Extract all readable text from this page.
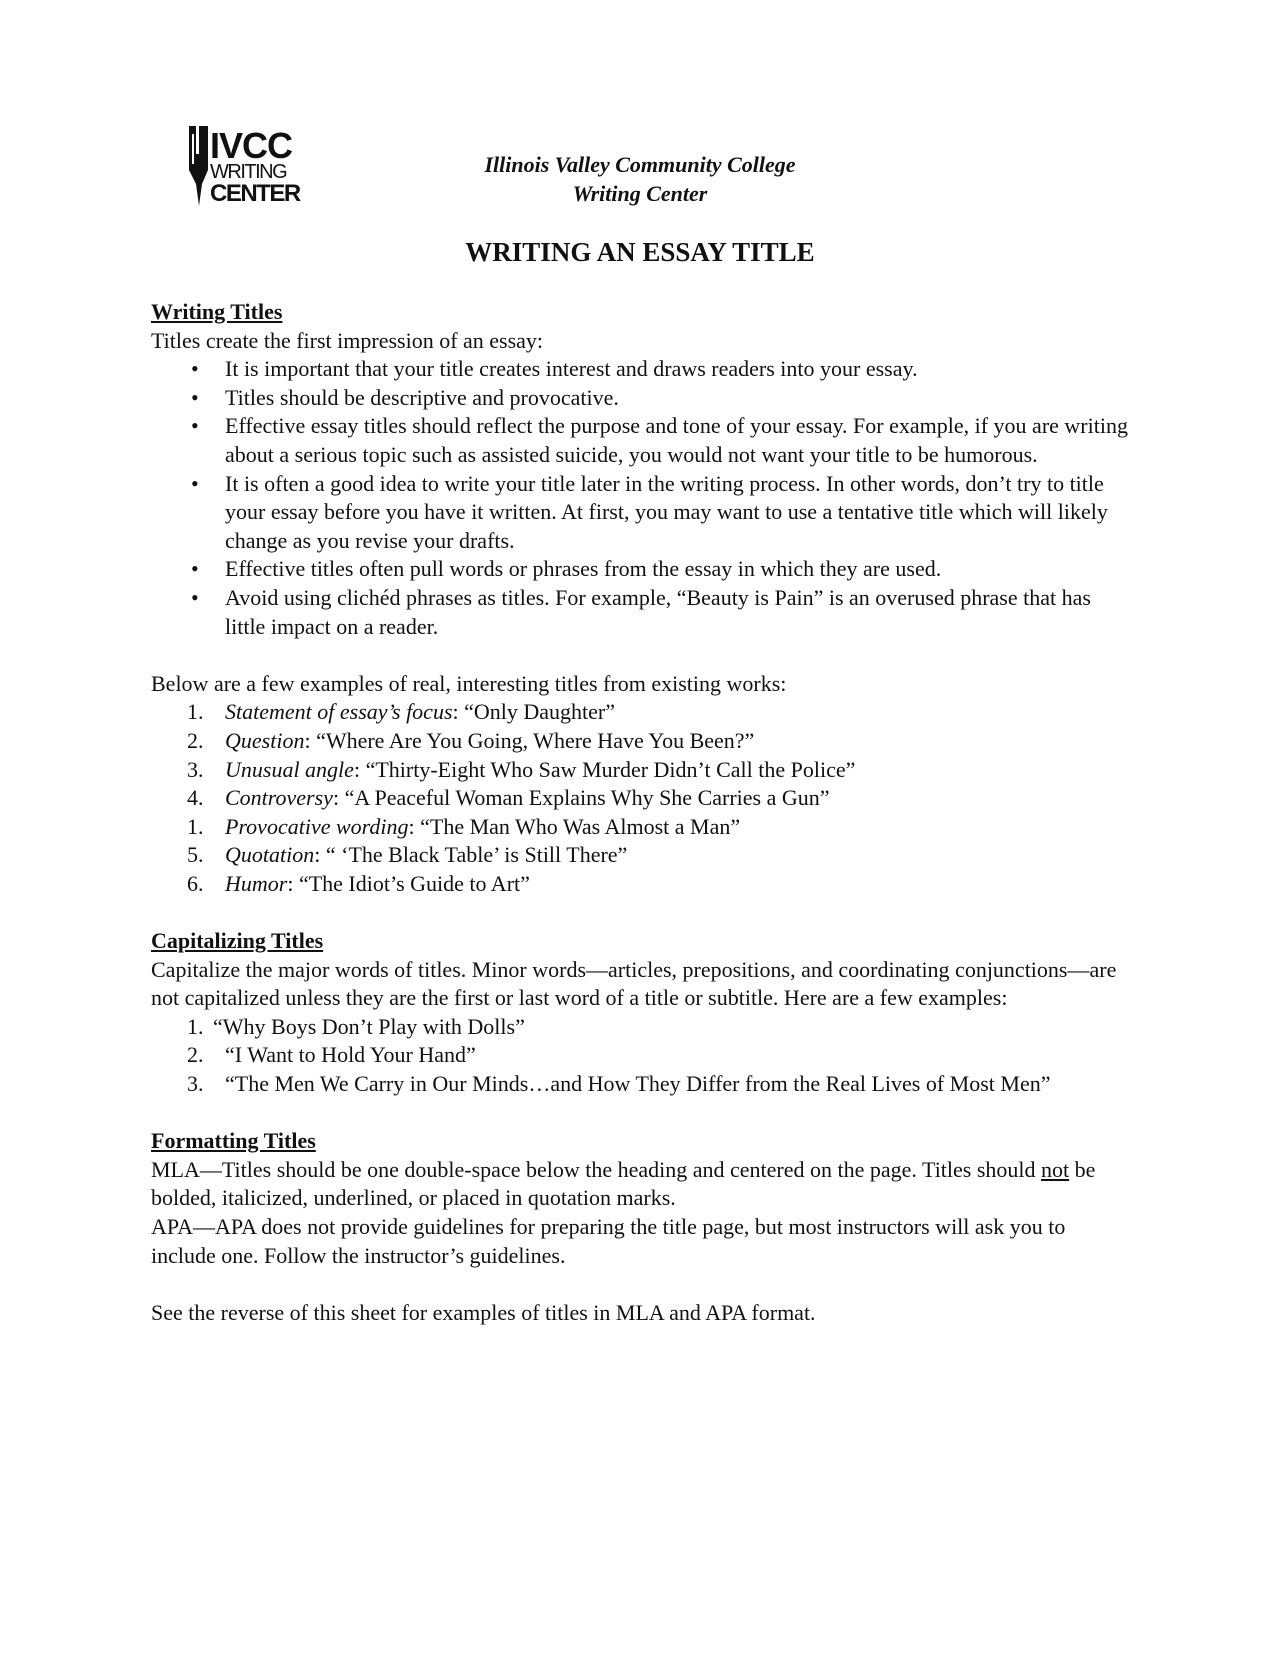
IVCC
WRITING
CENTER
Illinois Valley Community College
Writing Center
WRITING AN ESSAY TITLE

Writing Titles

Titles create the first impression of an essay:

• It is important that your title creates interest and draws readers into your essay.
• Titles should be descriptive and provocative.
• Effective essay titles should reflect the purpose and tone of your essay. For example, if you are writing about a serious topic such as assisted suicide, you would not want your title to be humorous.
• It is often a good idea to write your title later in the writing process. In other words, don’t try to title your essay before you have it written. At first, you may want to use a tentative title which will likely change as you revise your drafts.
• Effective titles often pull words or phrases from the essay in which they are used.
• Avoid using clichéd phrases as titles. For example, “Beauty is Pain” is an overused phrase that has little impact on a reader.

Below are a few examples of real, interesting titles from existing works:

1. Statement of essay’s focus: “Only Daughter”
2. Question: “Where Are You Going, Where Have You Been?”
3. Unusual angle: “Thirty-Eight Who Saw Murder Didn’t Call the Police”
4. Controversy: “A Peaceful Woman Explains Why She Carries a Gun”
1. Provocative wording: “The Man Who Was Almost a Man”
5. Quotation: “ ‘The Black Table’ is Still There”
6. Humor: “The Idiot’s Guide to Art”

Capitalizing Titles

Capitalize the major words of titles. Minor words—articles, prepositions, and coordinating conjunctions—are not capitalized unless they are the first or last word of a title or subtitle. Here are a few examples:

1. “Why Boys Don’t Play with Dolls”
2. “I Want to Hold Your Hand”
3. “The Men We Carry in Our Minds…and How They Differ from the Real Lives of Most Men”

Formatting Titles

MLA—Titles should be one double-space below the heading and centered on the page. Titles should not be bolded, italicized, underlined, or placed in quotation marks.

APA—APA does not provide guidelines for preparing the title page, but most instructors will ask you to include one. Follow the instructor’s guidelines.

See the reverse of this sheet for examples of titles in MLA and APA format.
